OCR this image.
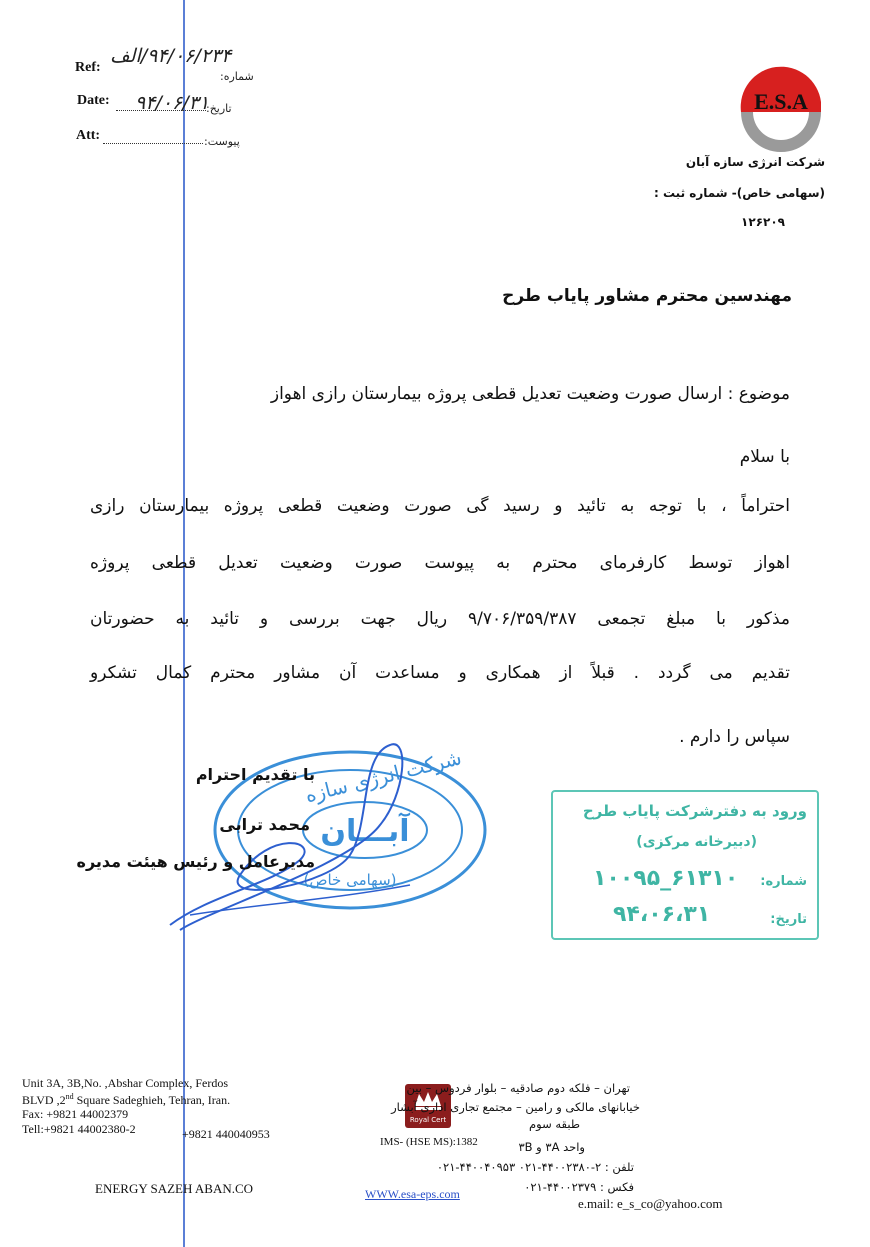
Ref:
۹۴/۰۶/۲۳۴/الف
شماره:
Date: ۹۴/۰۶/۳۱
تاریخ:
Att:	پیوست:
E.S.A
شرکت انرژی سازه آبان
(سهامی خاص)- شماره ثبت :
۱۲۶۲۰۹
مهندسین محترم مشاور پایاب طرح
موضوع : ارسال صورت وضعیت تعدیل قطعی پروژه بیمارستان رازی اهواز
با سلام
احتراماً ، با توجه به تائید و رسید گی صورت وضعیت قطعی پروژه بیمارستان رازی
اهواز توسط کارفرمای محترم به پیوست صورت وضعیت تعدیل قطعی پروژه
مذکور با مبلغ تجمعی ۹/۷۰۶/۳۵۹/۳۸۷ ریال جهت بررسی و تائید به حضورتان
تقدیم می گردد . قبلاً از همکاری و مساعدت آن مشاور محترم کمال تشکرو
سپاس را دارم .
شرکت انرژی سازه
آبـــان
(سهامی خاص)
با تقدیم احترام
محمد ترابی
مدیرعامل و رئیس هیئت مدیره
ورود به دفترشرکت پایاب طرح
(دبیرخانه مرکزی)
شماره:
۱۰۰۹۵_۶۱۳۱۰
تاریخ:
۹۴،۰۶،۳۱
Unit 3A, 3B,No. ,Abshar Complex, Ferdos
BLVD ,2nd Square Sadeghieh, Tehran, Iran.
Fax: +9821 44002379
Tell:+9821 44002380-2	+9821 440040953
ENERGY SAZEH ABAN.CO
Royal Cert
IMS- (HSE MS):1382
WWW.esa-eps.com
تهران – فلکه دوم صادقیه – بلوار فردوس – بین
خیابانهای مالکی و رامین – مجتمع تجاری اداری آبشار
طبقه سوم
واحد ۳A و ۳B
تلفن : ۲-۴۴۰۰۲۳۸۰-۰۲۱ ۴۴۰۰۴۰۹۵۳-۰۲۱
فکس : ۴۴۰۰۲۳۷۹-۰۲۱
e.mail: e_s_co@yahoo.com
